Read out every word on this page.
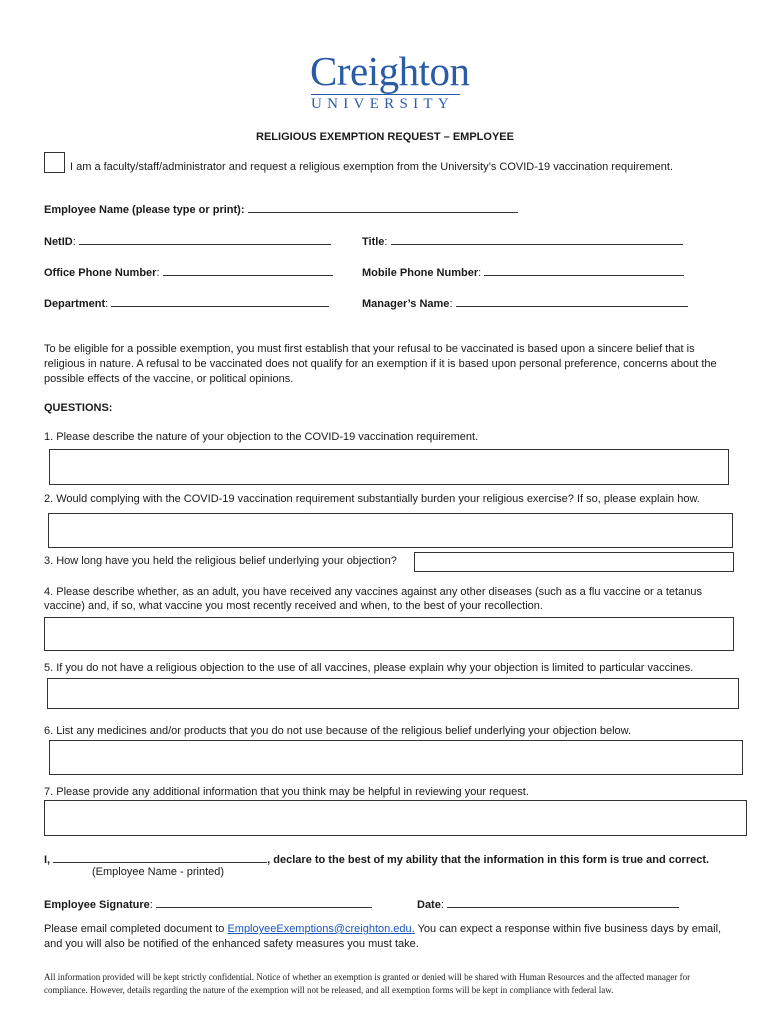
Creighton
UNIVERSITY
RELIGIOUS EXEMPTION REQUEST – EMPLOYEE
I am a faculty/staff/administrator and request a religious exemption from the University’s COVID-19 vaccination requirement.
Employee Name (please type or print):
NetID:	Title:
Office Phone Number:	Mobile Phone Number:
Department:	Manager’s Name:
To be eligible for a possible exemption, you must first establish that your refusal to be vaccinated is based upon a sincere belief that is religious in nature. A refusal to be vaccinated does not qualify for an exemption if it is based upon personal preference, concerns about the possible effects of the vaccine, or political opinions.
QUESTIONS:
1. Please describe the nature of your objection to the COVID-19 vaccination requirement.
2. Would complying with the COVID-19 vaccination requirement substantially burden your religious exercise? If so, please explain how.
3. How long have you held the religious belief underlying your objection?
4. Please describe whether, as an adult, you have received any vaccines against any other diseases (such as a flu vaccine or a tetanus vaccine) and, if so, what vaccine you most recently received and when, to the best of your recollection.
5. If you do not have a religious objection to the use of all vaccines, please explain why your objection is limited to particular vaccines.
6. List any medicines and/or products that you do not use because of the religious belief underlying your objection below.
7. Please provide any additional information that you think may be helpful in reviewing your request.
I,	, declare to the best of my ability that the information in this form is true and correct.
(Employee Name - printed)
Employee Signature:	Date:
Please email completed document to EmployeeExemptions@creighton.edu. You can expect a response within five business days by email, and you will also be notified of the enhanced safety measures you must take.
All information provided will be kept strictly confidential. Notice of whether an exemption is granted or denied will be shared with Human Resources and the affected manager for compliance. However, details regarding the nature of the exemption will not be released, and all exemption forms will be kept in compliance with federal law.
